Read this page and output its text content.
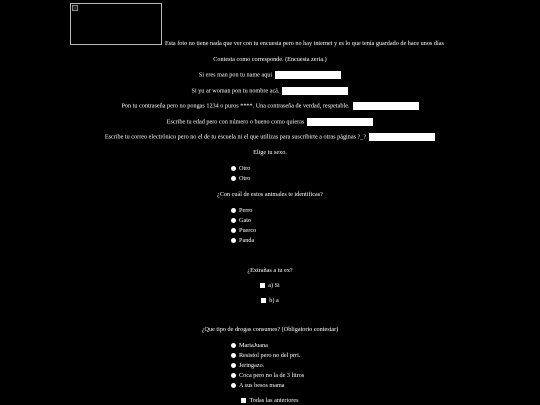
Esta foto no tiene nada que ver con tu encuesta pero no hay internet y es lo que tenía guardado de hace unos días
Contesta como corresponde. (Encuesta zeria.)
Si eres man pon tu name aqui
Si yu ar woman pon tu nombre acá.
Pon tu contraseña pero no pongas 1234 o puros ****. Una contraseña de verdad, respetable.
Escribe tu edad pero con número o bueno como quieras
Escribe tu correo electrónico pero no el de tu escuela ni el que utilizas para suscribirte a otras páginas ?_?
Elige tu sexo.
Otro
Otro
¿Con cuál de estos animales te identificas?
Perro
Gato
Puerco
Panda
¿Extrañas a tu ex?
a) Si
b) a
¿Que tipo de drogas consumes? (Obligatorio contestar)
MariaJuana
Resistol pero no del prri.
Jeringazo.
Coca pero no la de 3 litros
A sus besos mama
Todas las anteriores
